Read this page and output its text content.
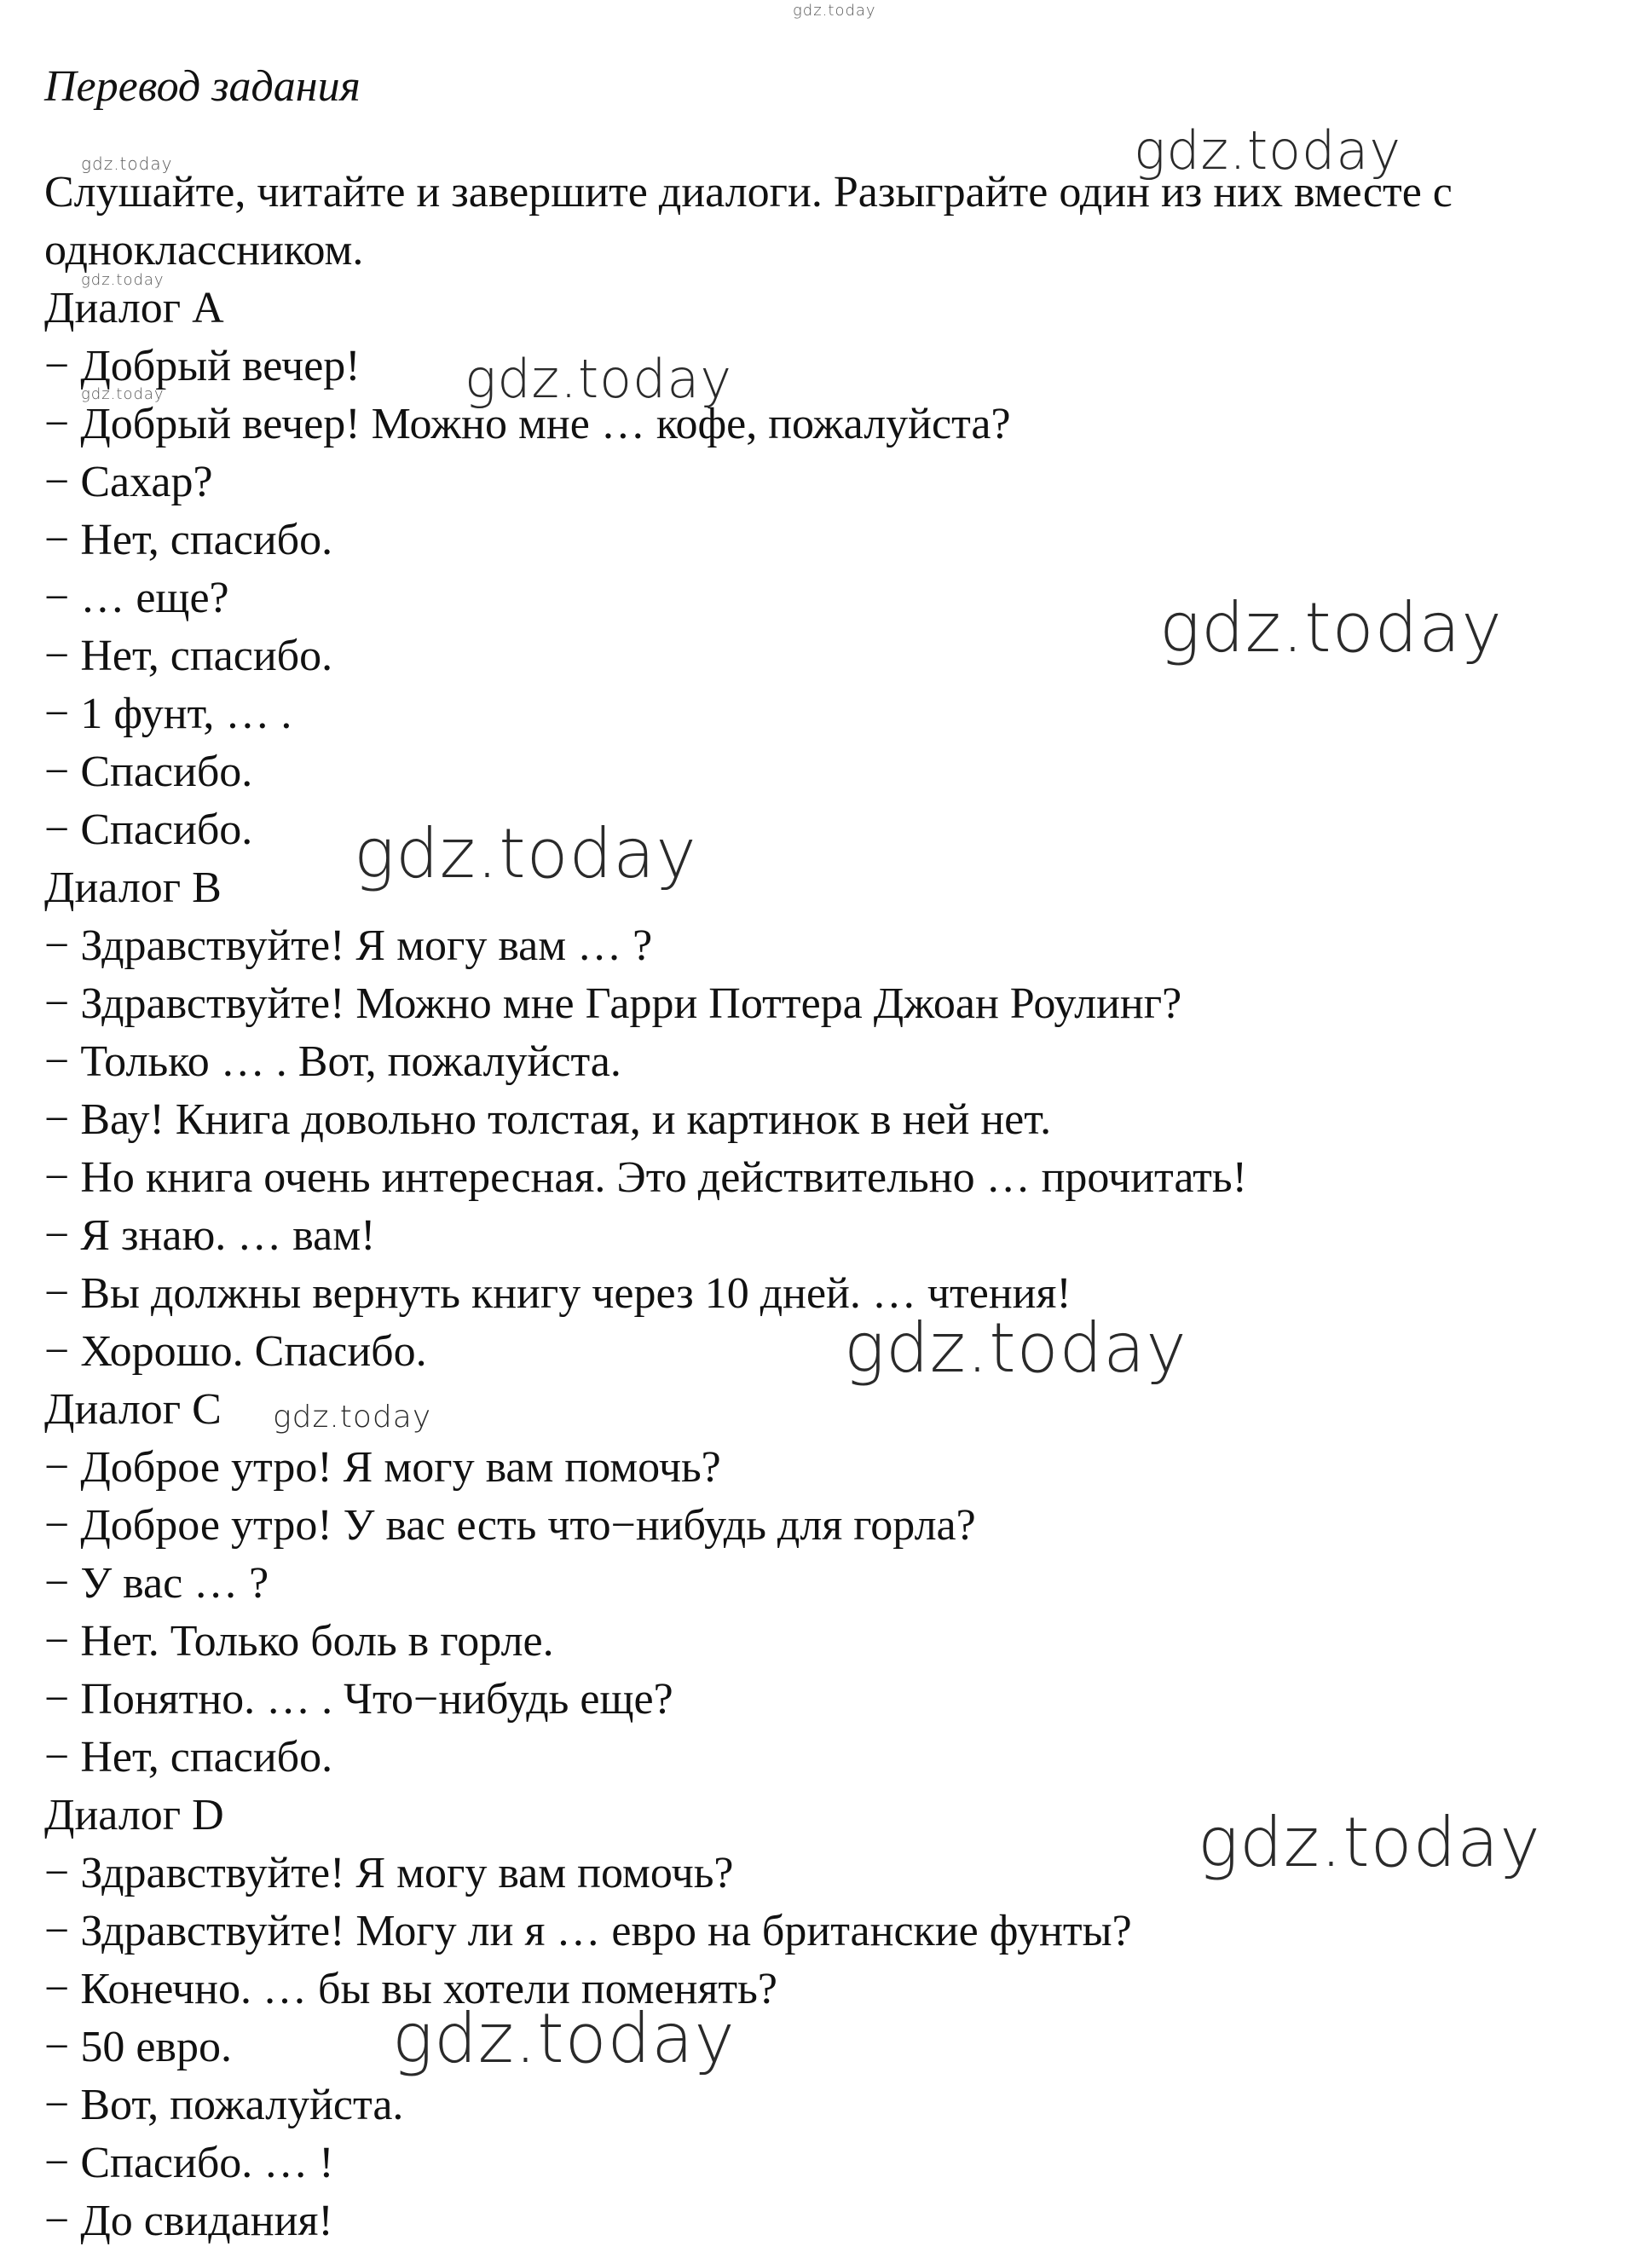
Перевод задания
Слушайте, читайте и завершите диалоги. Разыграйте один из них вместе с
одноклассником.
Диалог A
− Добрый вечер!
− Добрый вечер! Можно мне … кофе, пожалуйста?
− Сахар?
− Нет, спасибо.
− … еще?
− Нет, спасибо.
− 1 фунт, … .
− Спасибо.
− Спасибо.
Диалог B
− Здравствуйте! Я могу вам … ?
− Здравствуйте! Можно мне Гарри Поттера Джоан Роулинг?
− Только … . Вот, пожалуйста.
− Вау! Книга довольно толстая, и картинок в ней нет.
− Но книга очень интересная. Это действительно … прочитать!
− Я знаю. … вам!
− Вы должны вернуть книгу через 10 дней. … чтения!
− Хорошо. Спасибо.
Диалог C
− Доброе утро! Я могу вам помочь?
− Доброе утро! У вас есть что−нибудь для горла?
− У вас … ?
− Нет. Только боль в горле.
− Понятно. … . Что−нибудь еще?
− Нет, спасибо.
Диалог D
− Здравствуйте! Я могу вам помочь?
− Здравствуйте! Могу ли я … евро на британские фунты?
− Конечно. … бы вы хотели поменять?
− 50 евро.
− Вот, пожалуйста.
− Спасибо. … !
− До свидания!
gdz.today
gdz.today	gdz.today
gdz.today
gdz.today	gdz.today
gdz.today
gdz.today
gdz.today
gdz.today
gdz.today
gdz.today
